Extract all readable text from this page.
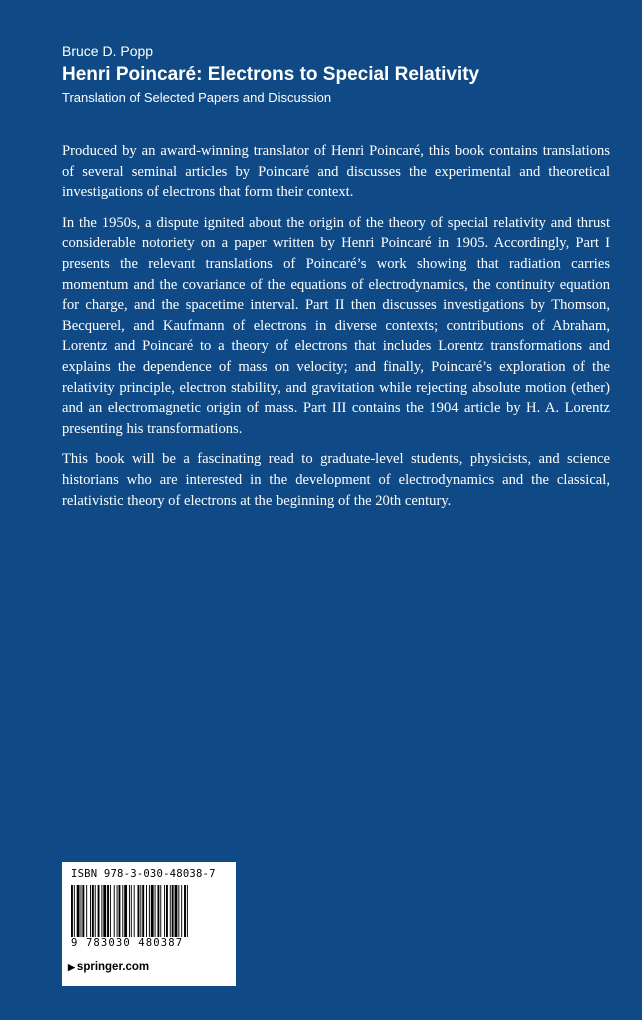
Bruce D. Popp
Henri Poincaré: Electrons to Special Relativity
Translation of Selected Papers and Discussion

Produced by an award-winning translator of Henri Poincaré, this book contains translations of several seminal articles by Poincaré and discusses the experimental and theoretical investigations of electrons that form their context.

In the 1950s, a dispute ignited about the origin of the theory of special relativity and thrust considerable notoriety on a paper written by Henri Poincaré in 1905. Accordingly, Part I presents the relevant translations of Poincaré’s work showing that radiation carries momentum and the covariance of the equations of electrodynamics, the continuity equation for charge, and the spacetime interval. Part II then discusses investigations by Thomson, Becquerel, and Kaufmann of electrons in diverse contexts; contributions of Abraham, Lorentz and Poincaré to a theory of electrons that includes Lorentz transformations and explains the dependence of mass on velocity; and finally, Poincaré’s exploration of the relativity principle, electron stability, and gravitation while rejecting absolute motion (ether) and an electromagnetic origin of mass. Part III contains the 1904 article by H. A. Lorentz presenting his transformations.

This book will be a fascinating read to graduate-level students, physicists, and science historians who are interested in the development of electrodynamics and the classical, relativistic theory of electrons at the beginning of the 20th century.

ISBN 978-3-030-48038-7
9 783030 480387
▶ springer.com
